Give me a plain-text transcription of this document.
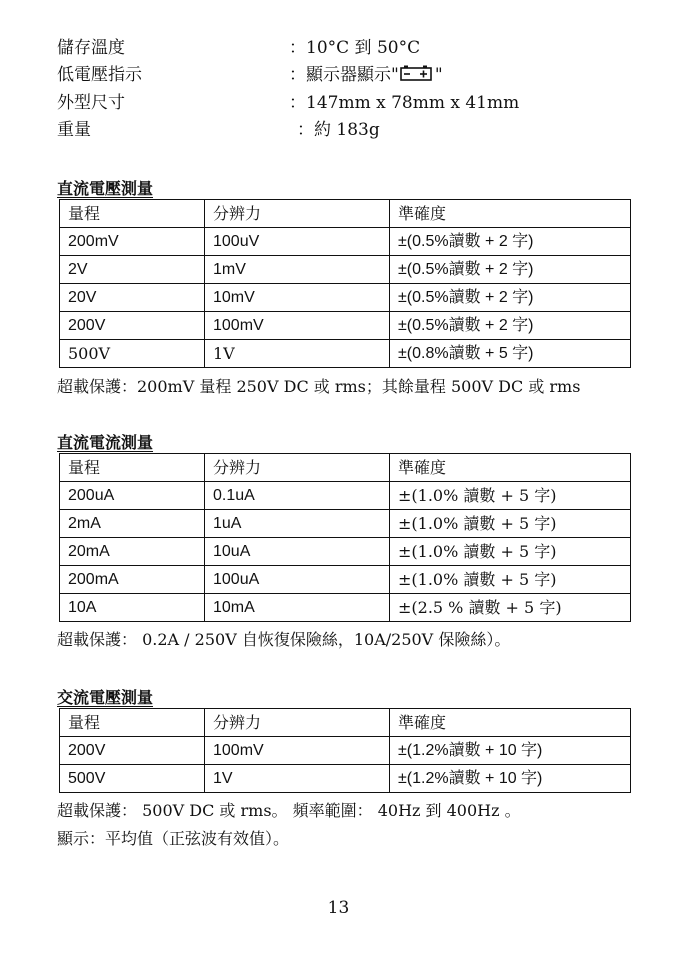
儲存溫度	：10°C 到 50°C
低電壓指示	：顯示器顯示" "
外型尺寸	：147mm x 78mm x 41mm
重量	：約 183g
直流電壓測量
量程	分辨力	準確度
200mV	100uV	±(0.5%讀數 + 2 字)
2V	1mV	±(0.5%讀數 + 2 字)
20V	10mV	±(0.5%讀數 + 2 字)
200V	100mV	±(0.5%讀數 + 2 字)
500V	1V	±(0.8%讀數 + 5 字)
超載保護：200mV 量程 250V DC 或 rms；其餘量程 500V DC 或 rms
直流電流測量
量程	分辨力	準確度
200uA	0.1uA	±(1.0% 讀數 + 5 字)
2mA	1uA	±(1.0% 讀數 + 5 字)
20mA	10uA	±(1.0% 讀數 + 5 字)
200mA	100uA	±(1.0% 讀數 + 5 字)
10A	10mA	±(2.5 % 讀數 + 5 字)
超載保護： 0.2A / 250V 自恢復保險絲，10A/250V 保險絲）。
交流電壓測量
量程	分辨力	準確度
200V	100mV	±(1.2%讀數 + 10 字)
500V	1V	±(1.2%讀數 + 10 字)
超載保護： 500V DC 或 rms。 頻率範圍： 40Hz 到 400Hz 。
顯示：平均值（正弦波有效值）。
13
